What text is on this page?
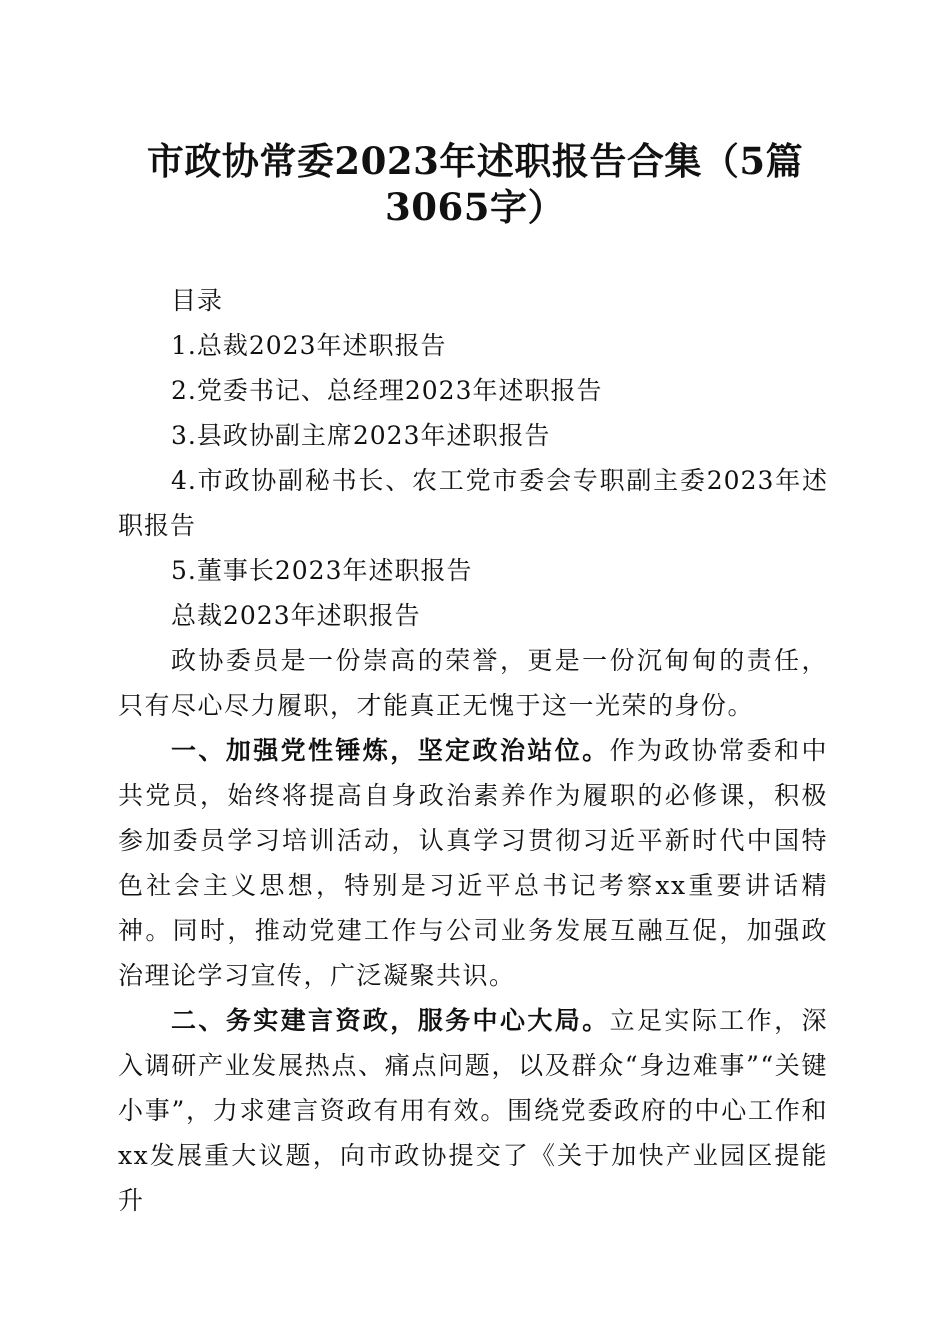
市政协常委2023年述职报告合集（5篇3065字）

目录

1.总裁2023年述职报告

2.党委书记、总经理2023年述职报告

3.县政协副主席2023年述职报告

4.市政协副秘书长、农工党市委会专职副主委2023年述职报告

5.董事长2023年述职报告

总裁2023年述职报告

政协委员是一份崇高的荣誉，更是一份沉甸甸的责任，只有尽心尽力履职，才能真正无愧于这一光荣的身份。

一、加强党性锤炼，坚定政治站位。作为政协常委和中共党员，始终将提高自身政治素养作为履职的必修课，积极参加委员学习培训活动，认真学习贯彻习近平新时代中国特色社会主义思想，特别是习近平总书记考察xx重要讲话精神。同时，推动党建工作与公司业务发展互融互促，加强政治理论学习宣传，广泛凝聚共识。

二、务实建言资政，服务中心大局。立足实际工作，深入调研产业发展热点、痛点问题，以及群众“身边难事”“关键小事”，力求建言资政有用有效。围绕党委政府的中心工作和xx发展重大议题，向市政协提交了《关于加快产业园区提能升
